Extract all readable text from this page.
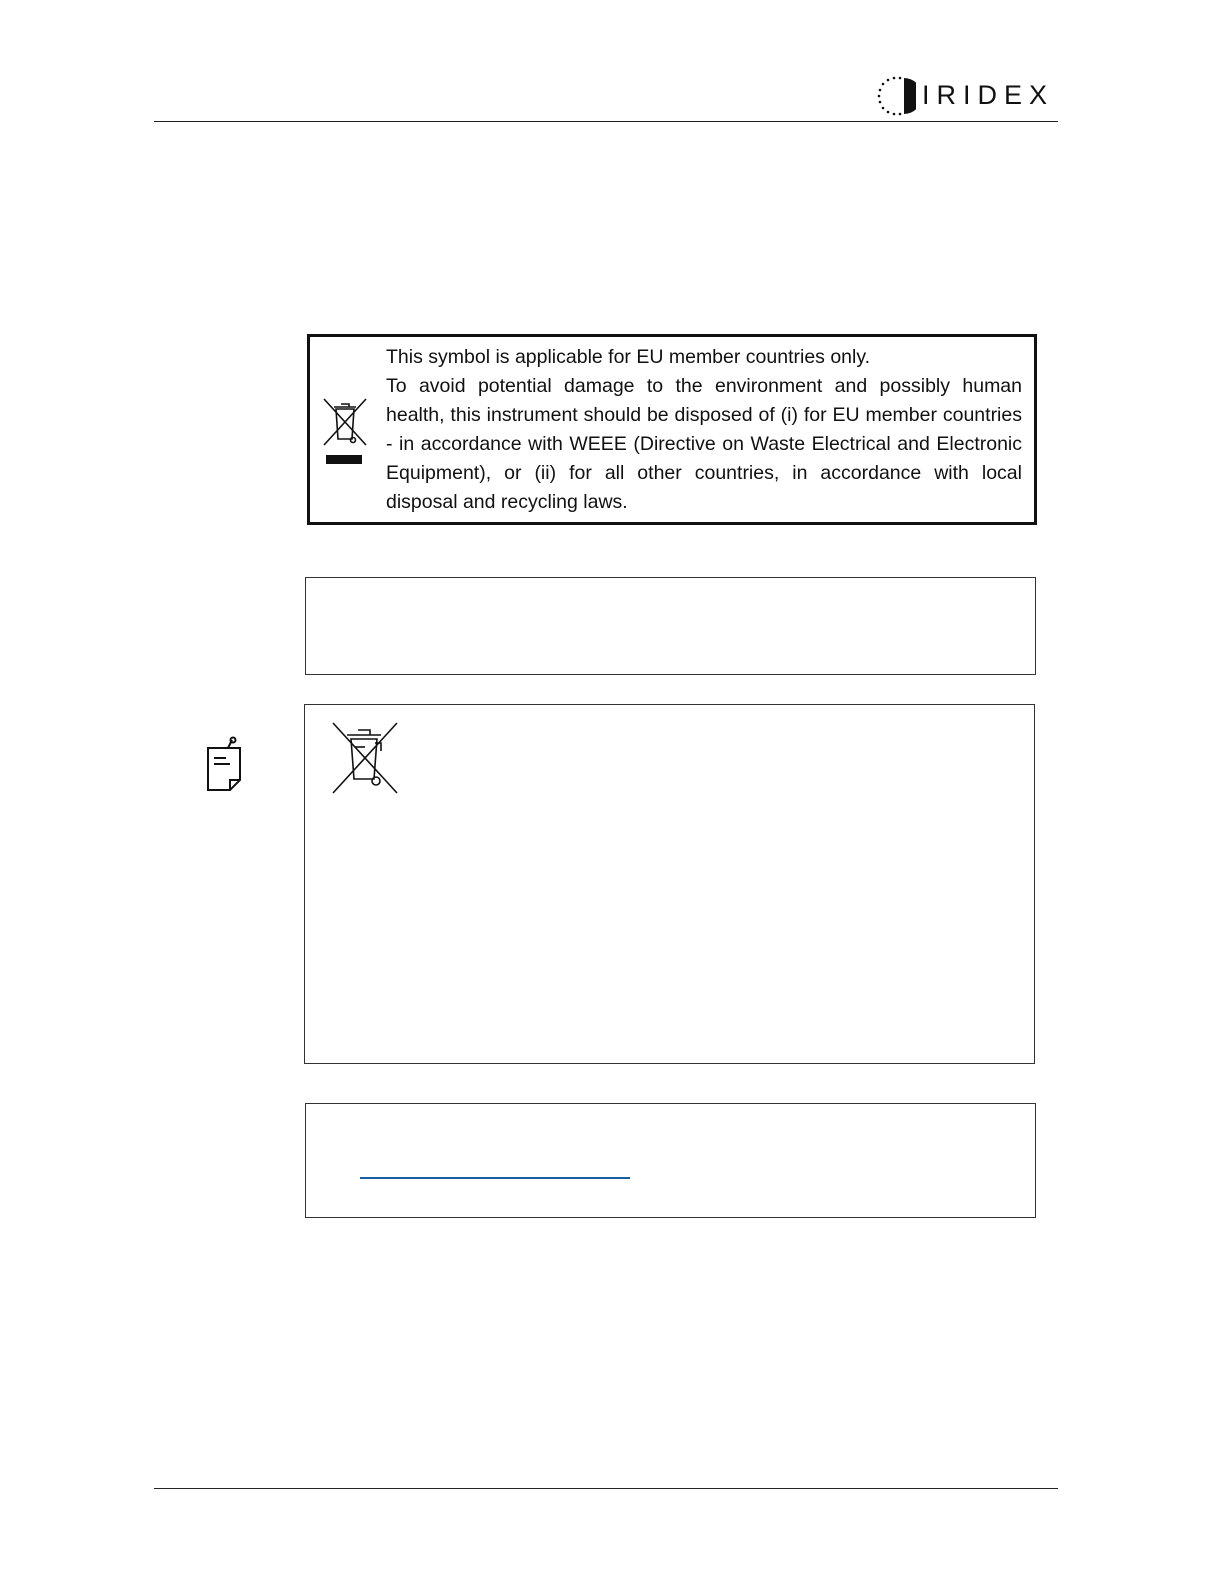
IRIDEX

This symbol is applicable for EU member countries only.

To avoid potential damage to the environment and possibly human health, this instrument should be disposed of (i) for EU member countries - in accordance with WEEE (Directive on Waste Electrical and Electronic Equipment), or (ii) for all other countries, in accordance with local disposal and recycling laws.
